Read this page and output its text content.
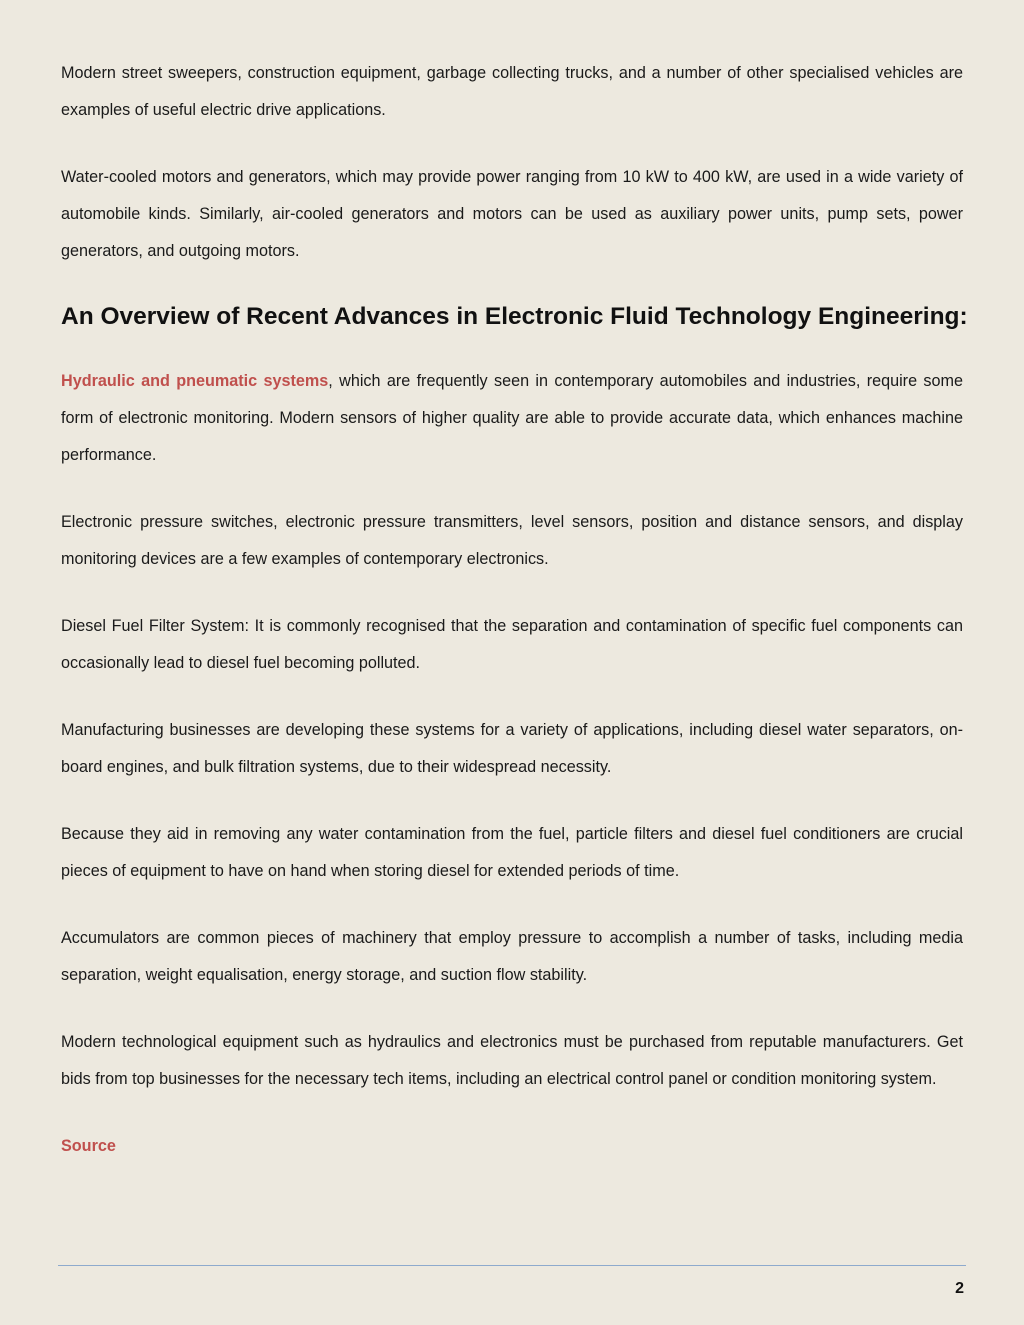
Modern street sweepers, construction equipment, garbage collecting trucks, and a number of other specialised vehicles are examples of useful electric drive applications.

Water-cooled motors and generators, which may provide power ranging from 10 kW to 400 kW, are used in a wide variety of automobile kinds. Similarly, air-cooled generators and motors can be used as auxiliary power units, pump sets, power generators, and outgoing motors.

An Overview of Recent Advances in Electronic Fluid Technology Engineering:

Hydraulic and pneumatic systems, which are frequently seen in contemporary automobiles and industries, require some form of electronic monitoring. Modern sensors of higher quality are able to provide accurate data, which enhances machine performance.

Electronic pressure switches, electronic pressure transmitters, level sensors, position and distance sensors, and display monitoring devices are a few examples of contemporary electronics.

Diesel Fuel Filter System: It is commonly recognised that the separation and contamination of specific fuel components can occasionally lead to diesel fuel becoming polluted.

Manufacturing businesses are developing these systems for a variety of applications, including diesel water separators, on-board engines, and bulk filtration systems, due to their widespread necessity.

Because they aid in removing any water contamination from the fuel, particle filters and diesel fuel conditioners are crucial pieces of equipment to have on hand when storing diesel for extended periods of time.

Accumulators are common pieces of machinery that employ pressure to accomplish a number of tasks, including media separation, weight equalisation, energy storage, and suction flow stability.

Modern technological equipment such as hydraulics and electronics must be purchased from reputable manufacturers. Get bids from top businesses for the necessary tech items, including an electrical control panel or condition monitoring system.

Source
2
